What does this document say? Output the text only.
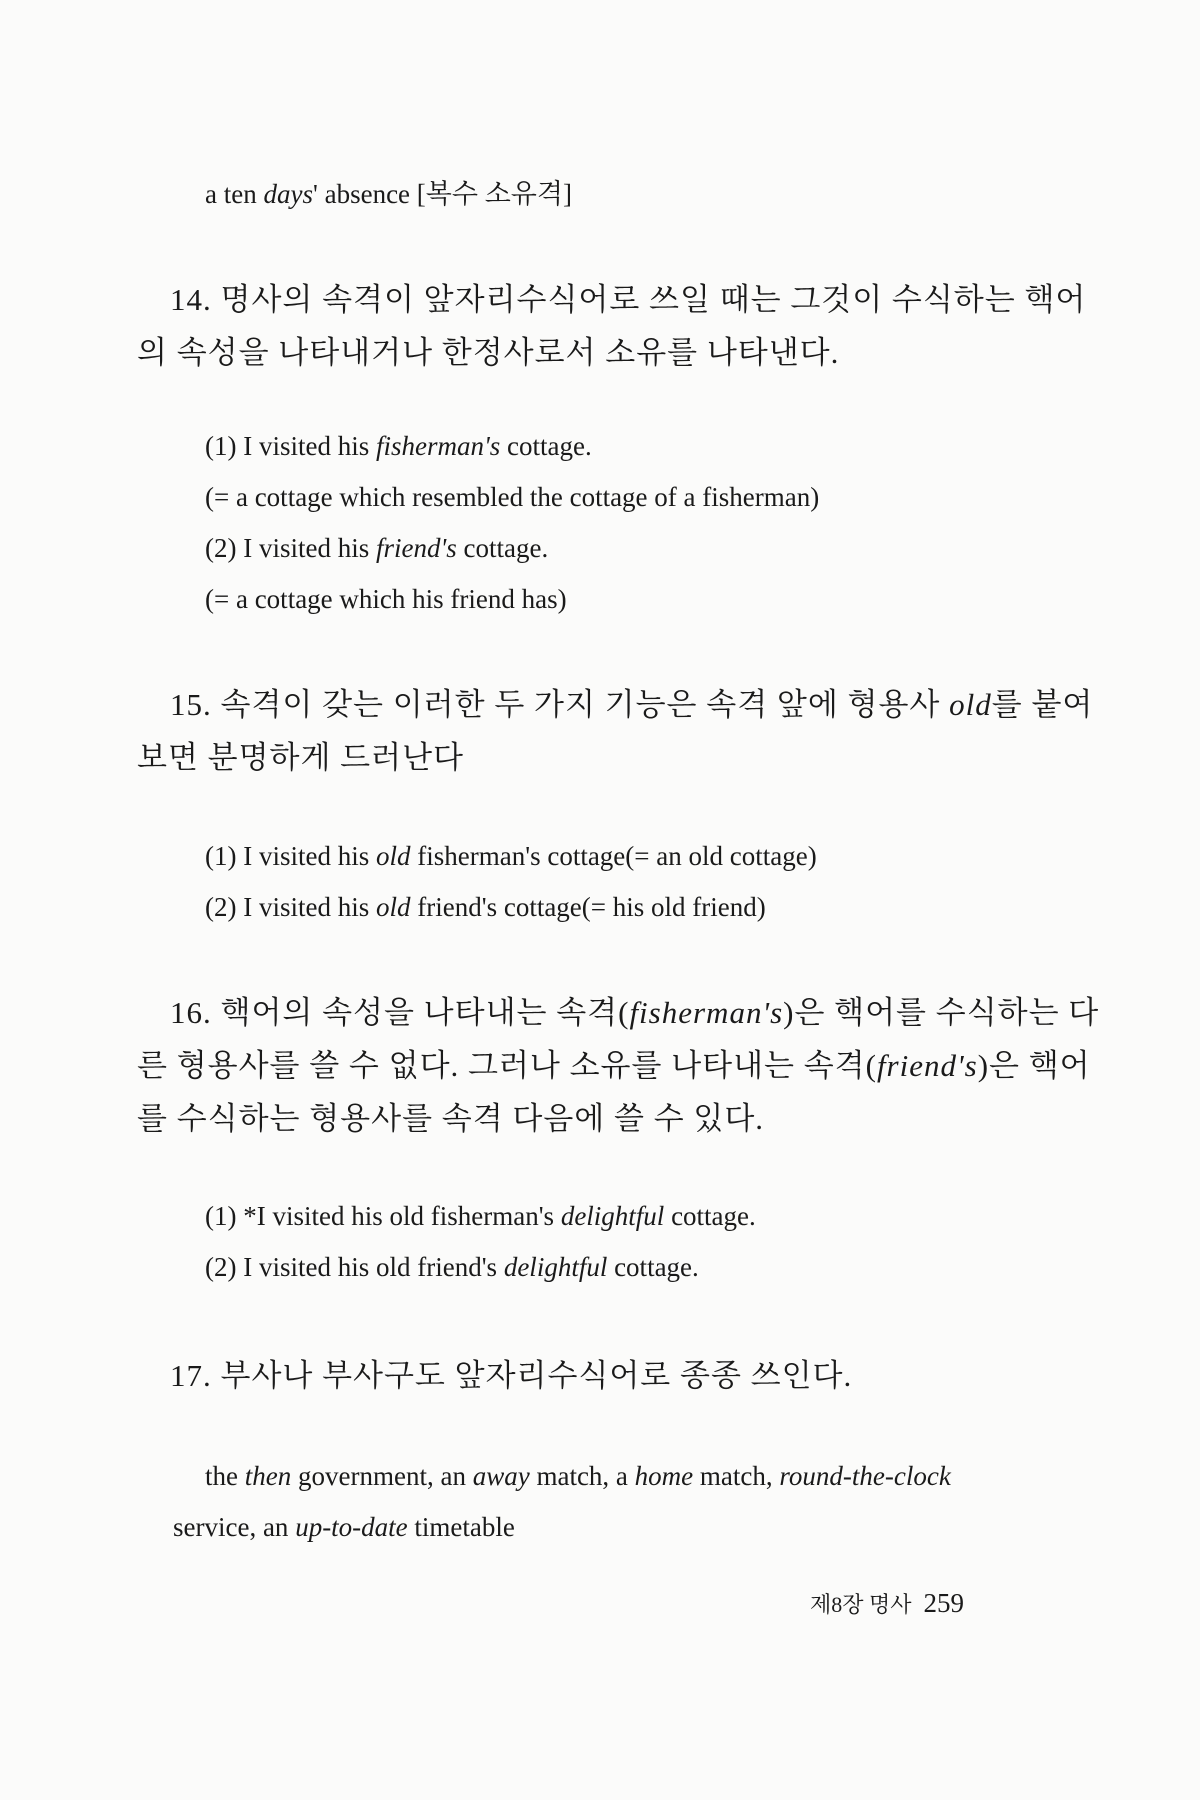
a ten days' absence [복수 소유격]
14. 명사의 속격이 앞자리수식어로 쓰일 때는 그것이 수식하는 핵어
의 속성을 나타내거나 한정사로서 소유를 나타낸다.
(1) I visited his fisherman's cottage.
(= a cottage which resembled the cottage of a fisherman)
(2) I visited his friend's cottage.
(= a cottage which his friend has)
15. 속격이 갖는 이러한 두 가지 기능은 속격 앞에 형용사 old를 붙여
보면 분명하게 드러난다
(1) I visited his old fisherman's cottage(= an old cottage)
(2) I visited his old friend's cottage(= his old friend)
16. 핵어의 속성을 나타내는 속격(fisherman's)은 핵어를 수식하는 다
른 형용사를 쓸 수 없다. 그러나 소유를 나타내는 속격(friend's)은 핵어
를 수식하는 형용사를 속격 다음에 쓸 수 있다.
(1) *I visited his old fisherman's delightful cottage.
(2) I visited his old friend's delightful cottage.
17. 부사나 부사구도 앞자리수식어로 종종 쓰인다.
the then government, an away match, a home match, round-the-clock
service, an up-to-date timetable
제8장 명사 259
